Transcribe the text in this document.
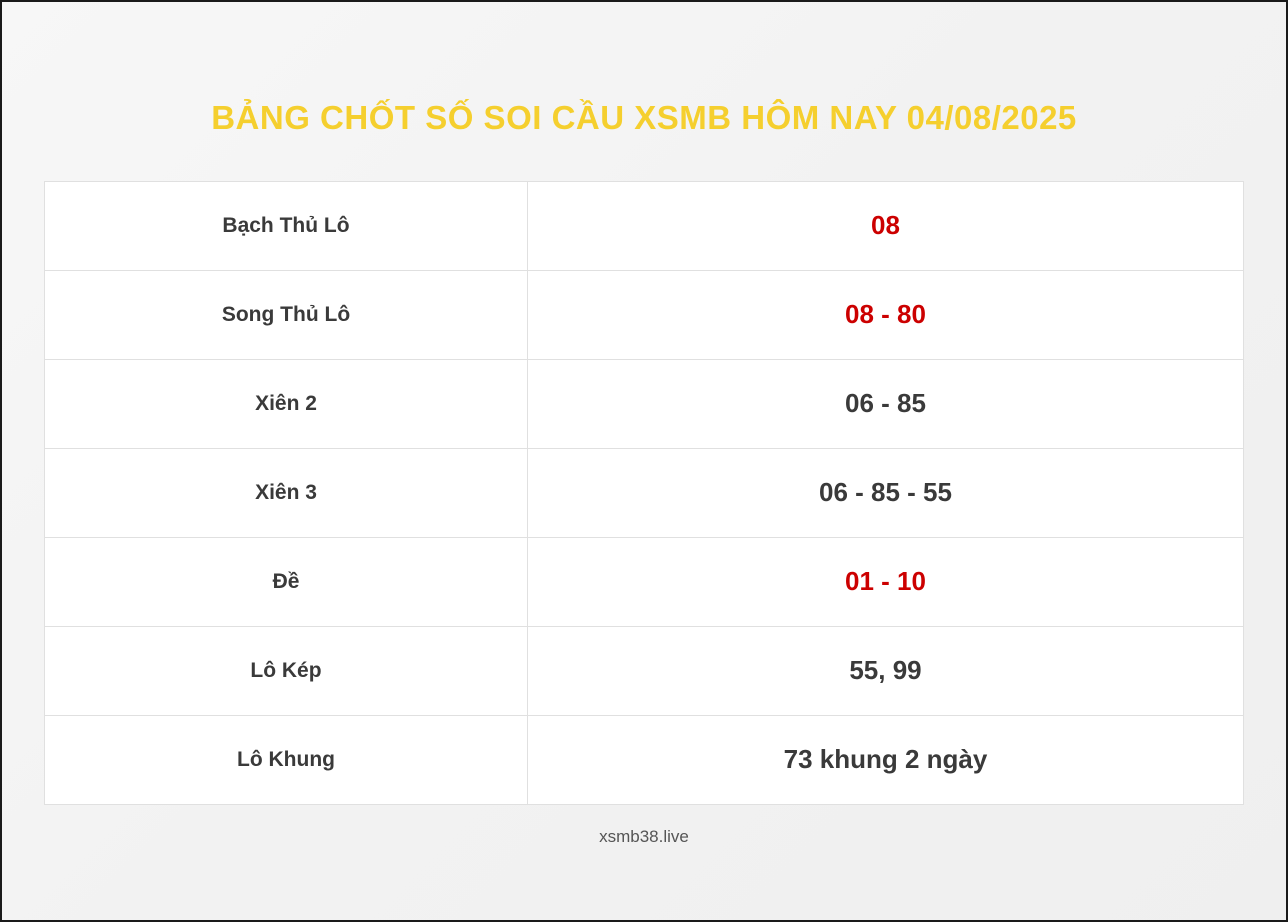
BẢNG CHỐT SỐ SOI CẦU XSMB HÔM NAY 04/08/2025
Bạch Thủ Lô	08
Song Thủ Lô	08 - 80
Xiên 2	06 - 85
Xiên 3	06 - 85 - 55
Đề	01 - 10
Lô Kép	55, 99
Lô Khung	73 khung 2 ngày
xsmb38.live
